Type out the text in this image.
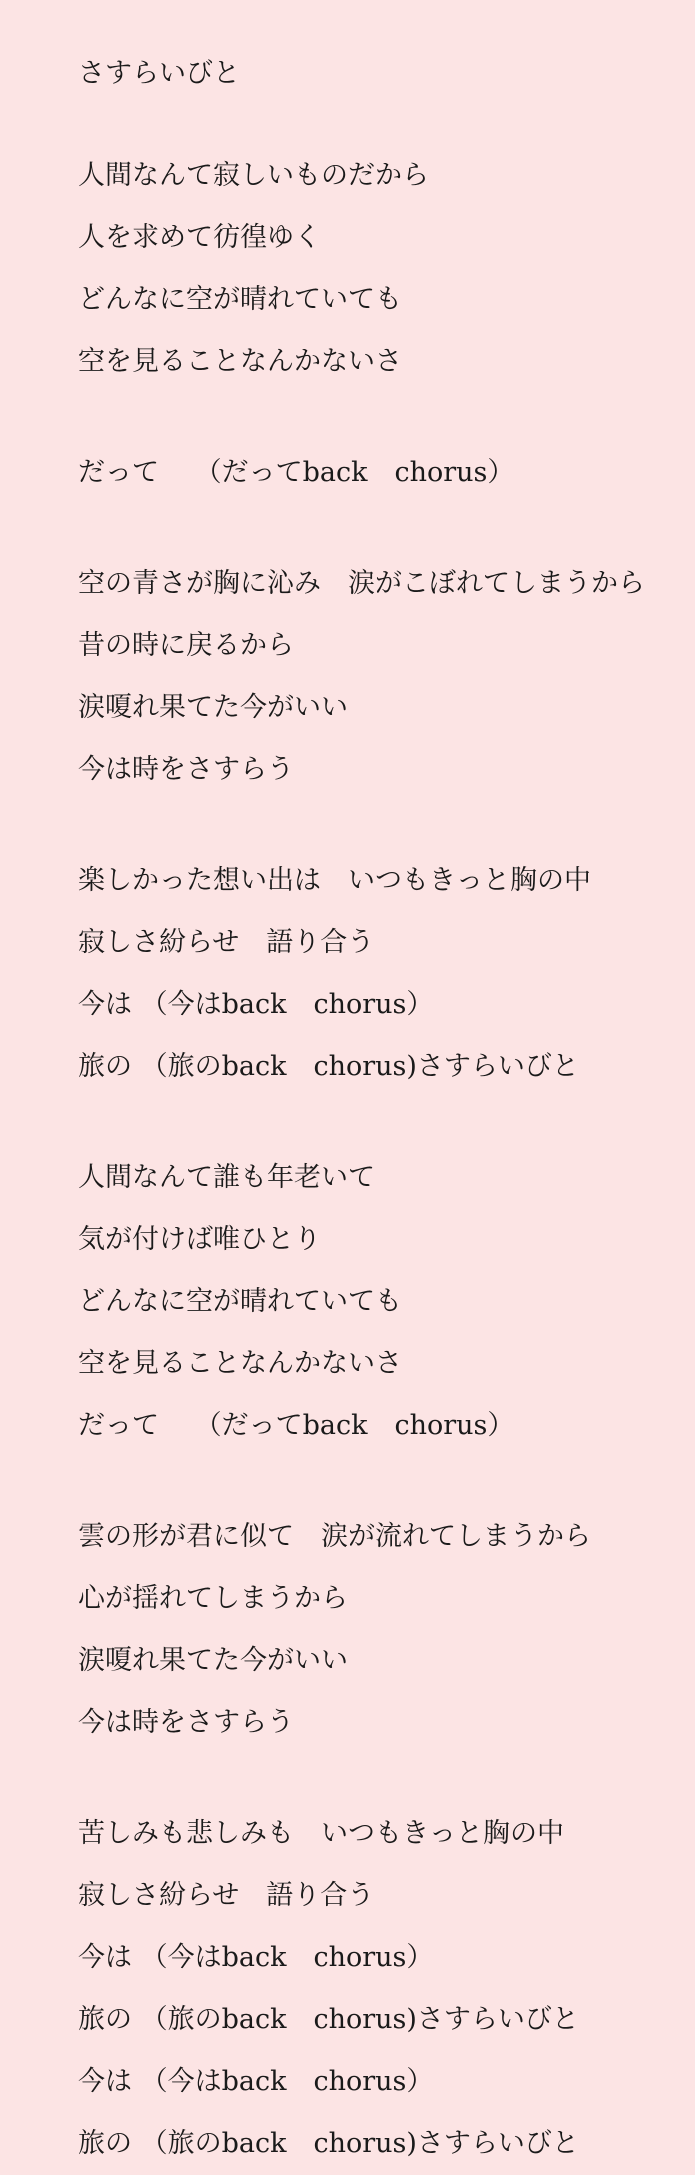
さすらいびと
人間なんて寂しいものだから
人を求めて彷徨ゆく
どんなに空が晴れていても
空を見ることなんかないさ
だって　 （だってback　chorus）
空の青さが胸に沁み　涙がこぼれてしまうから
昔の時に戻るから
涙嗄れ果てた今がいい
今は時をさすらう
楽しかった想い出は　いつもきっと胸の中
寂しさ紛らせ　語り合う
今は （今はback　chorus）
旅の （旅のback　chorus)さすらいびと
人間なんて誰も年老いて
気が付けば唯ひとり
どんなに空が晴れていても
空を見ることなんかないさ
だって　 （だってback　chorus）
雲の形が君に似て　涙が流れてしまうから
心が揺れてしまうから
涙嗄れ果てた今がいい
今は時をさすらう
苦しみも悲しみも　いつもきっと胸の中
寂しさ紛らせ　語り合う
今は （今はback　chorus）
旅の （旅のback　chorus)さすらいびと
今は （今はback　chorus）
旅の （旅のback　chorus)さすらいびと
